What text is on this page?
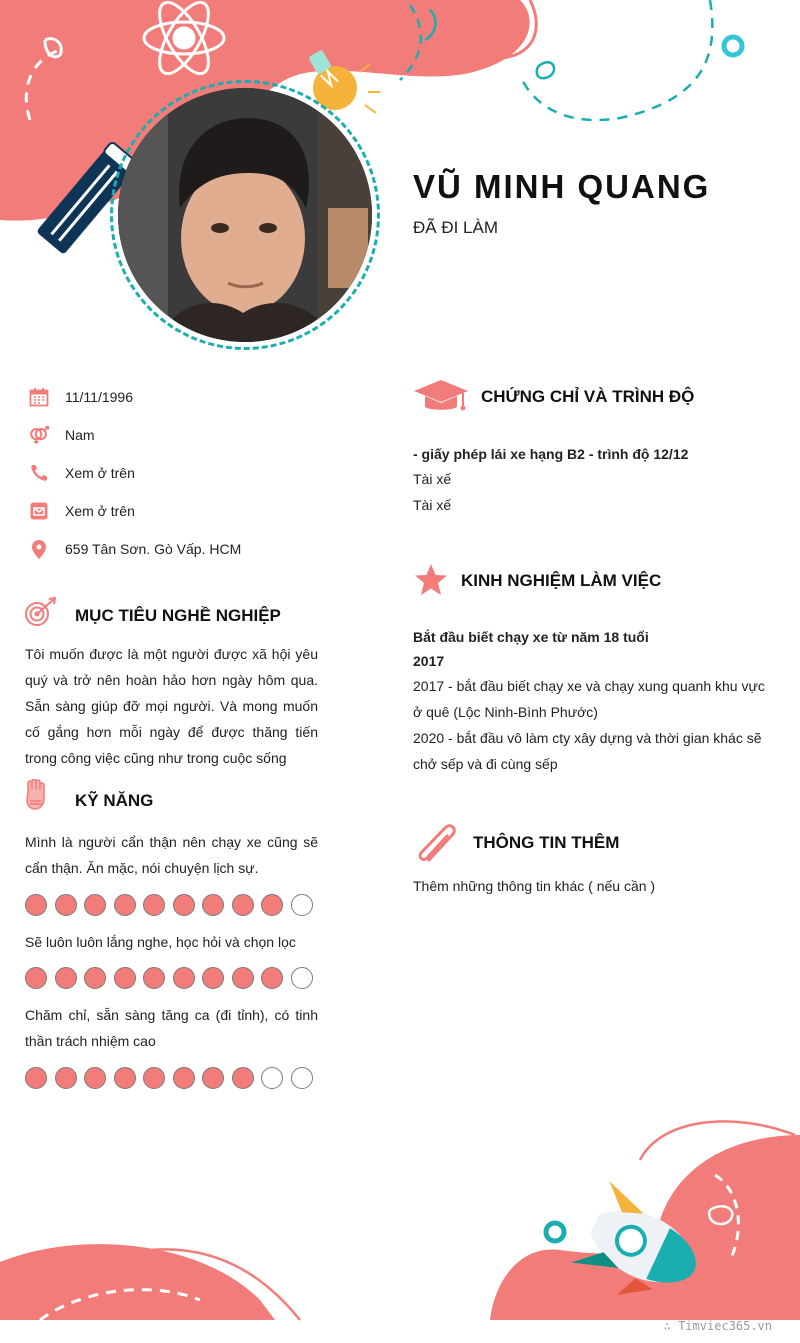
VŨ MINH QUANG
ĐÃ ĐI LÀM
11/11/1996
Nam
Xem ở trên
Xem ở trên
659 Tân Sơn. Gò Vấp. HCM
MỤC TIÊU NGHỀ NGHIỆP
Tôi muốn được là một người được xã hội yêu quý và trở nên hoàn hảo hơn ngày hôm qua. Sẵn sàng giúp đỡ mọi người. Và mong muốn cố gắng hơn mỗi ngày để được thăng tiến trong công việc cũng như trong cuộc sống
KỸ NĂNG
Mình là người cẩn thận nên chạy xe cũng sẽ cẩn thận. Ăn mặc, nói chuyện lịch sự.
Sẽ luôn luôn lắng nghe, học hỏi và chọn lọc
Chăm chỉ, sẵn sàng tăng ca (đi tỉnh), có tinh thần trách nhiệm cao
CHỨNG CHỈ VÀ TRÌNH ĐỘ
- giấy phép lái xe hạng B2 - trình độ 12/12
Tài xế
Tài xế
KINH NGHIỆM LÀM VIỆC
Bắt đầu biết chạy xe từ năm 18 tuổi
2017
2017 - bắt đầu biết chạy xe và chạy xung quanh khu vực
ở quê (Lộc Ninh-Bình Phước)
2020 - bắt đầu vô làm cty xây dựng và thời gian khác sẽ
chở sếp và đi cùng sếp
THÔNG TIN THÊM
Thêm những thông tin khác ( nếu cần )
∴ Timviec365.vn
